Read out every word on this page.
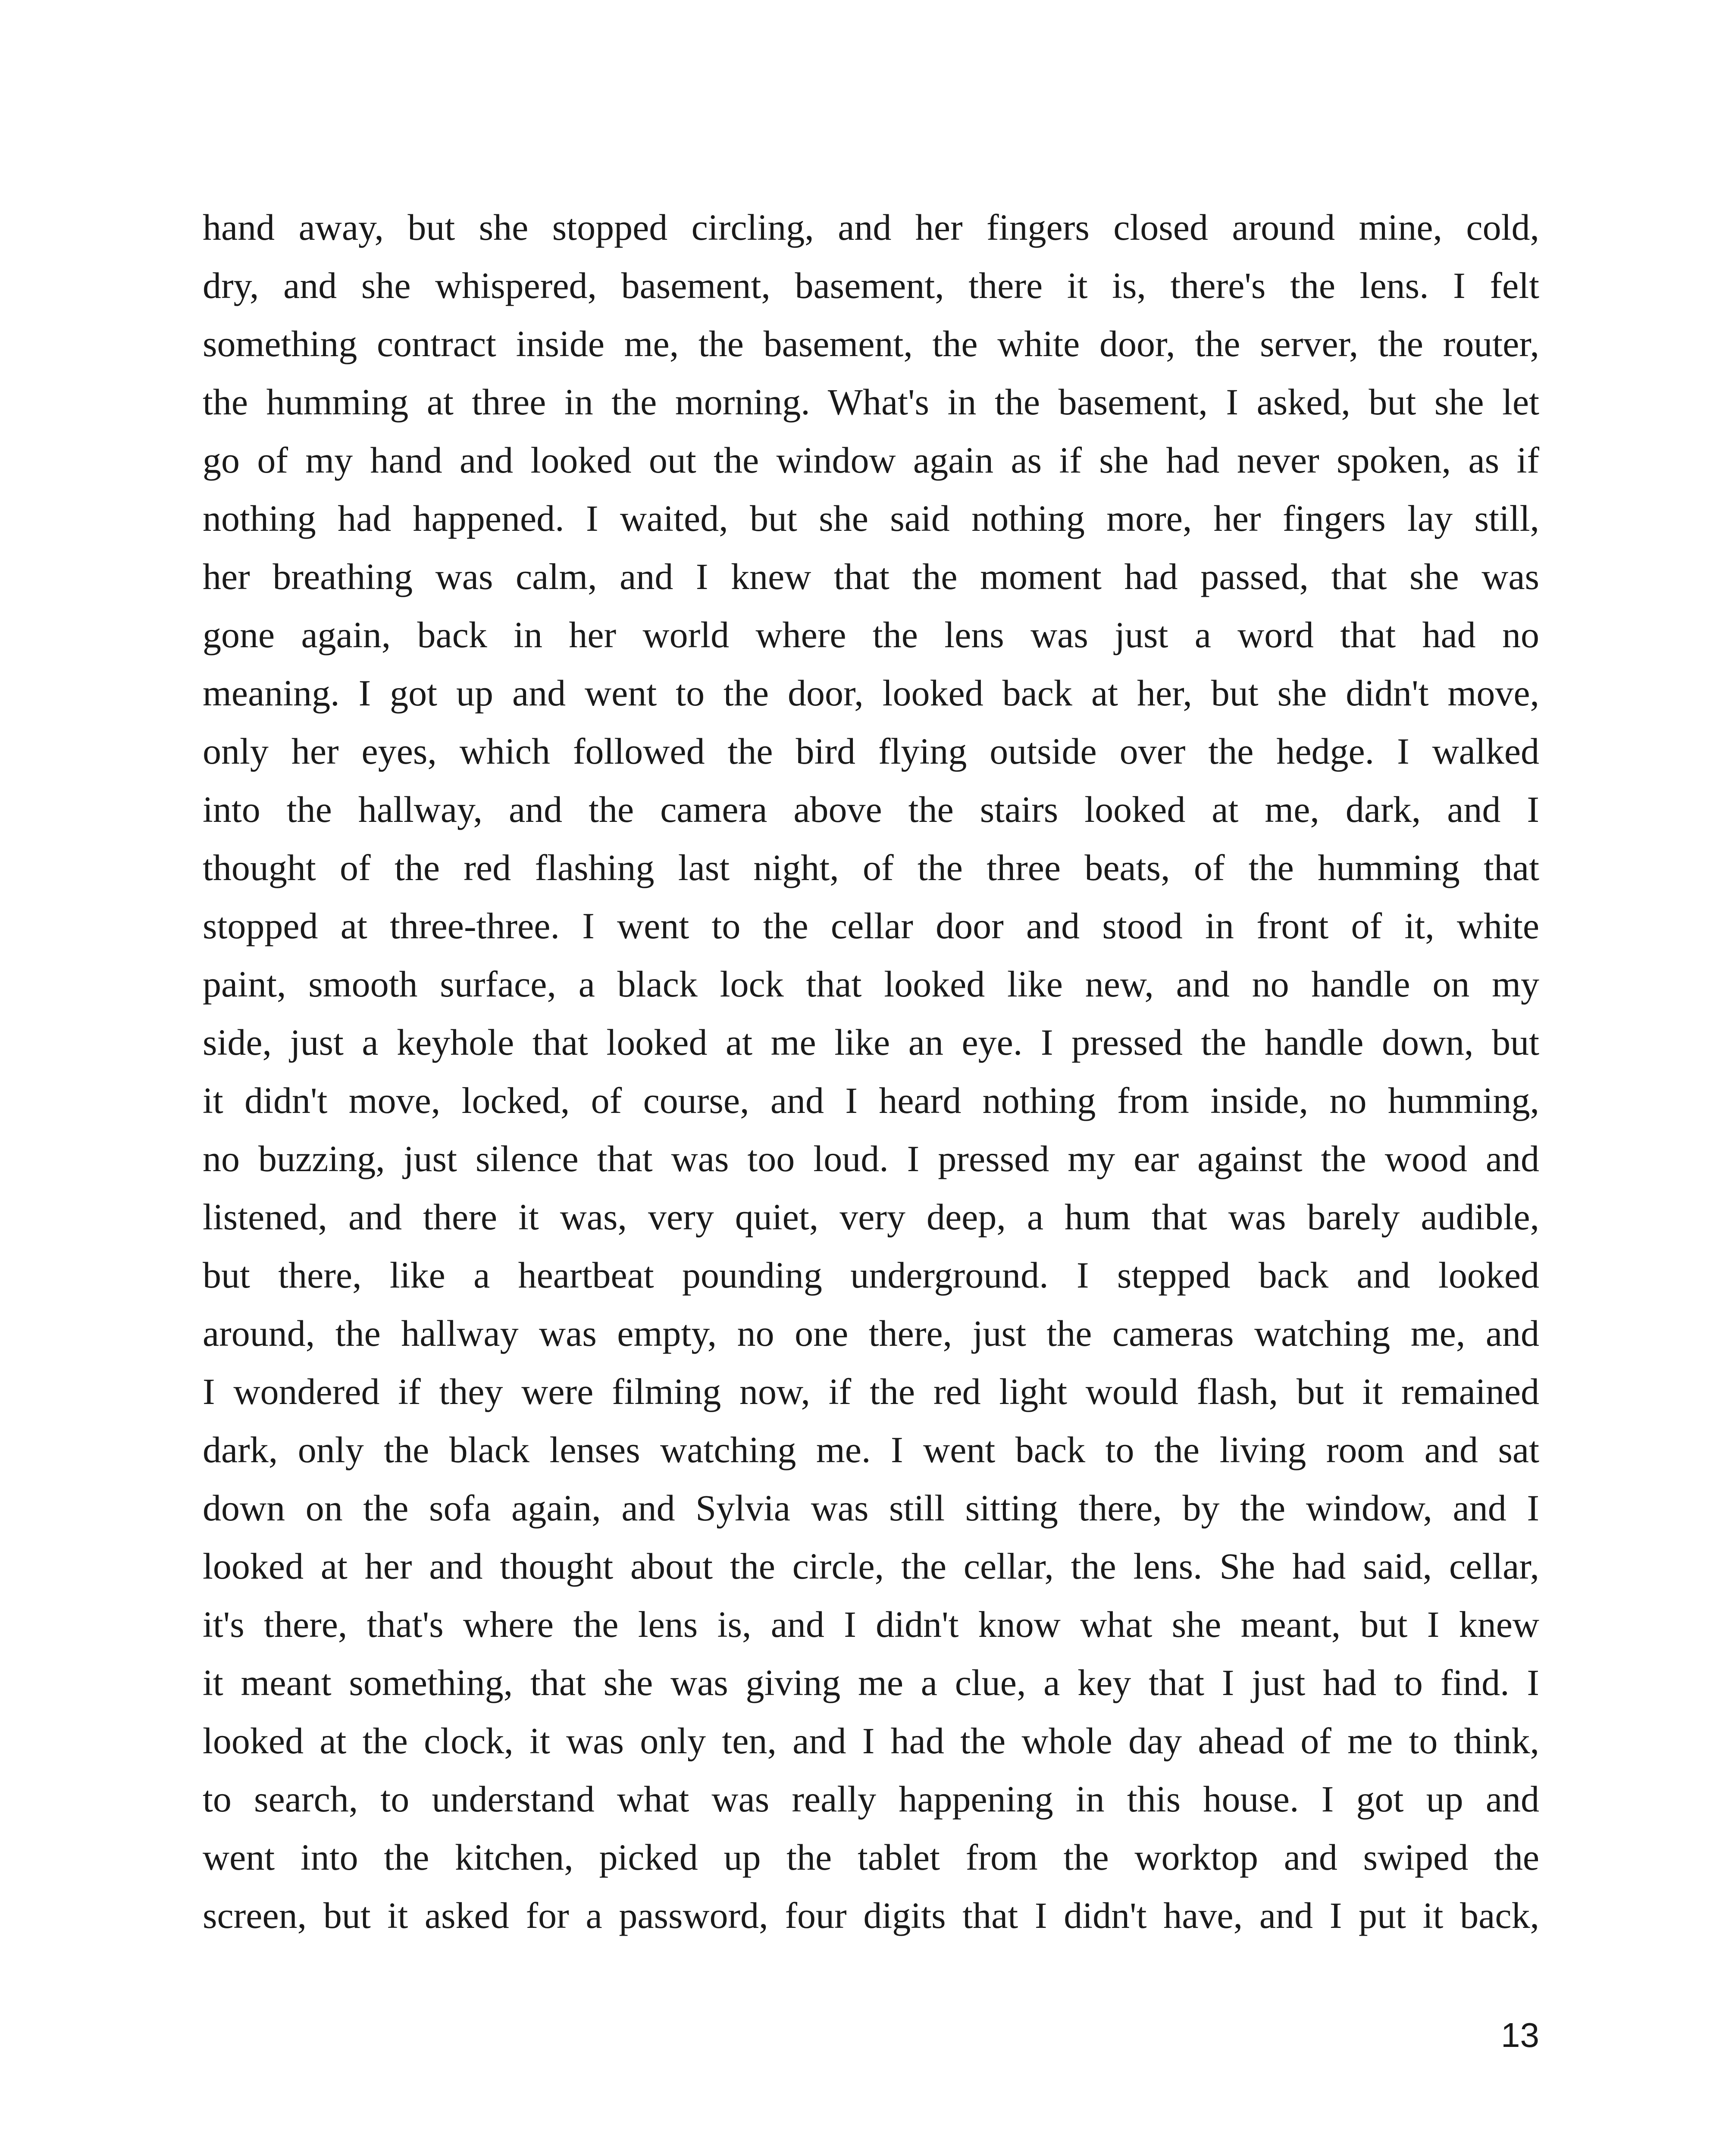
hand away, but she stopped circling, and her fingers closed around mine, cold,
dry, and she whispered, basement, basement, there it is, there's the lens. I felt
something contract inside me, the basement, the white door, the server, the router,
the humming at three in the morning. What's in the basement, I asked, but she let
go of my hand and looked out the window again as if she had never spoken, as if
nothing had happened. I waited, but she said nothing more, her fingers lay still,
her breathing was calm, and I knew that the moment had passed, that she was
gone again, back in her world where the lens was just a word that had no
meaning. I got up and went to the door, looked back at her, but she didn't move,
only her eyes, which followed the bird flying outside over the hedge. I walked
into the hallway, and the camera above the stairs looked at me, dark, and I
thought of the red flashing last night, of the three beats, of the humming that
stopped at three-three. I went to the cellar door and stood in front of it, white
paint, smooth surface, a black lock that looked like new, and no handle on my
side, just a keyhole that looked at me like an eye. I pressed the handle down, but
it didn't move, locked, of course, and I heard nothing from inside, no humming,
no buzzing, just silence that was too loud. I pressed my ear against the wood and
listened, and there it was, very quiet, very deep, a hum that was barely audible,
but there, like a heartbeat pounding underground. I stepped back and looked
around, the hallway was empty, no one there, just the cameras watching me, and
I wondered if they were filming now, if the red light would flash, but it remained
dark, only the black lenses watching me. I went back to the living room and sat
down on the sofa again, and Sylvia was still sitting there, by the window, and I
looked at her and thought about the circle, the cellar, the lens. She had said, cellar,
it's there, that's where the lens is, and I didn't know what she meant, but I knew
it meant something, that she was giving me a clue, a key that I just had to find. I
looked at the clock, it was only ten, and I had the whole day ahead of me to think,
to search, to understand what was really happening in this house. I got up and
went into the kitchen, picked up the tablet from the worktop and swiped the
screen, but it asked for a password, four digits that I didn't have, and I put it back,
13
